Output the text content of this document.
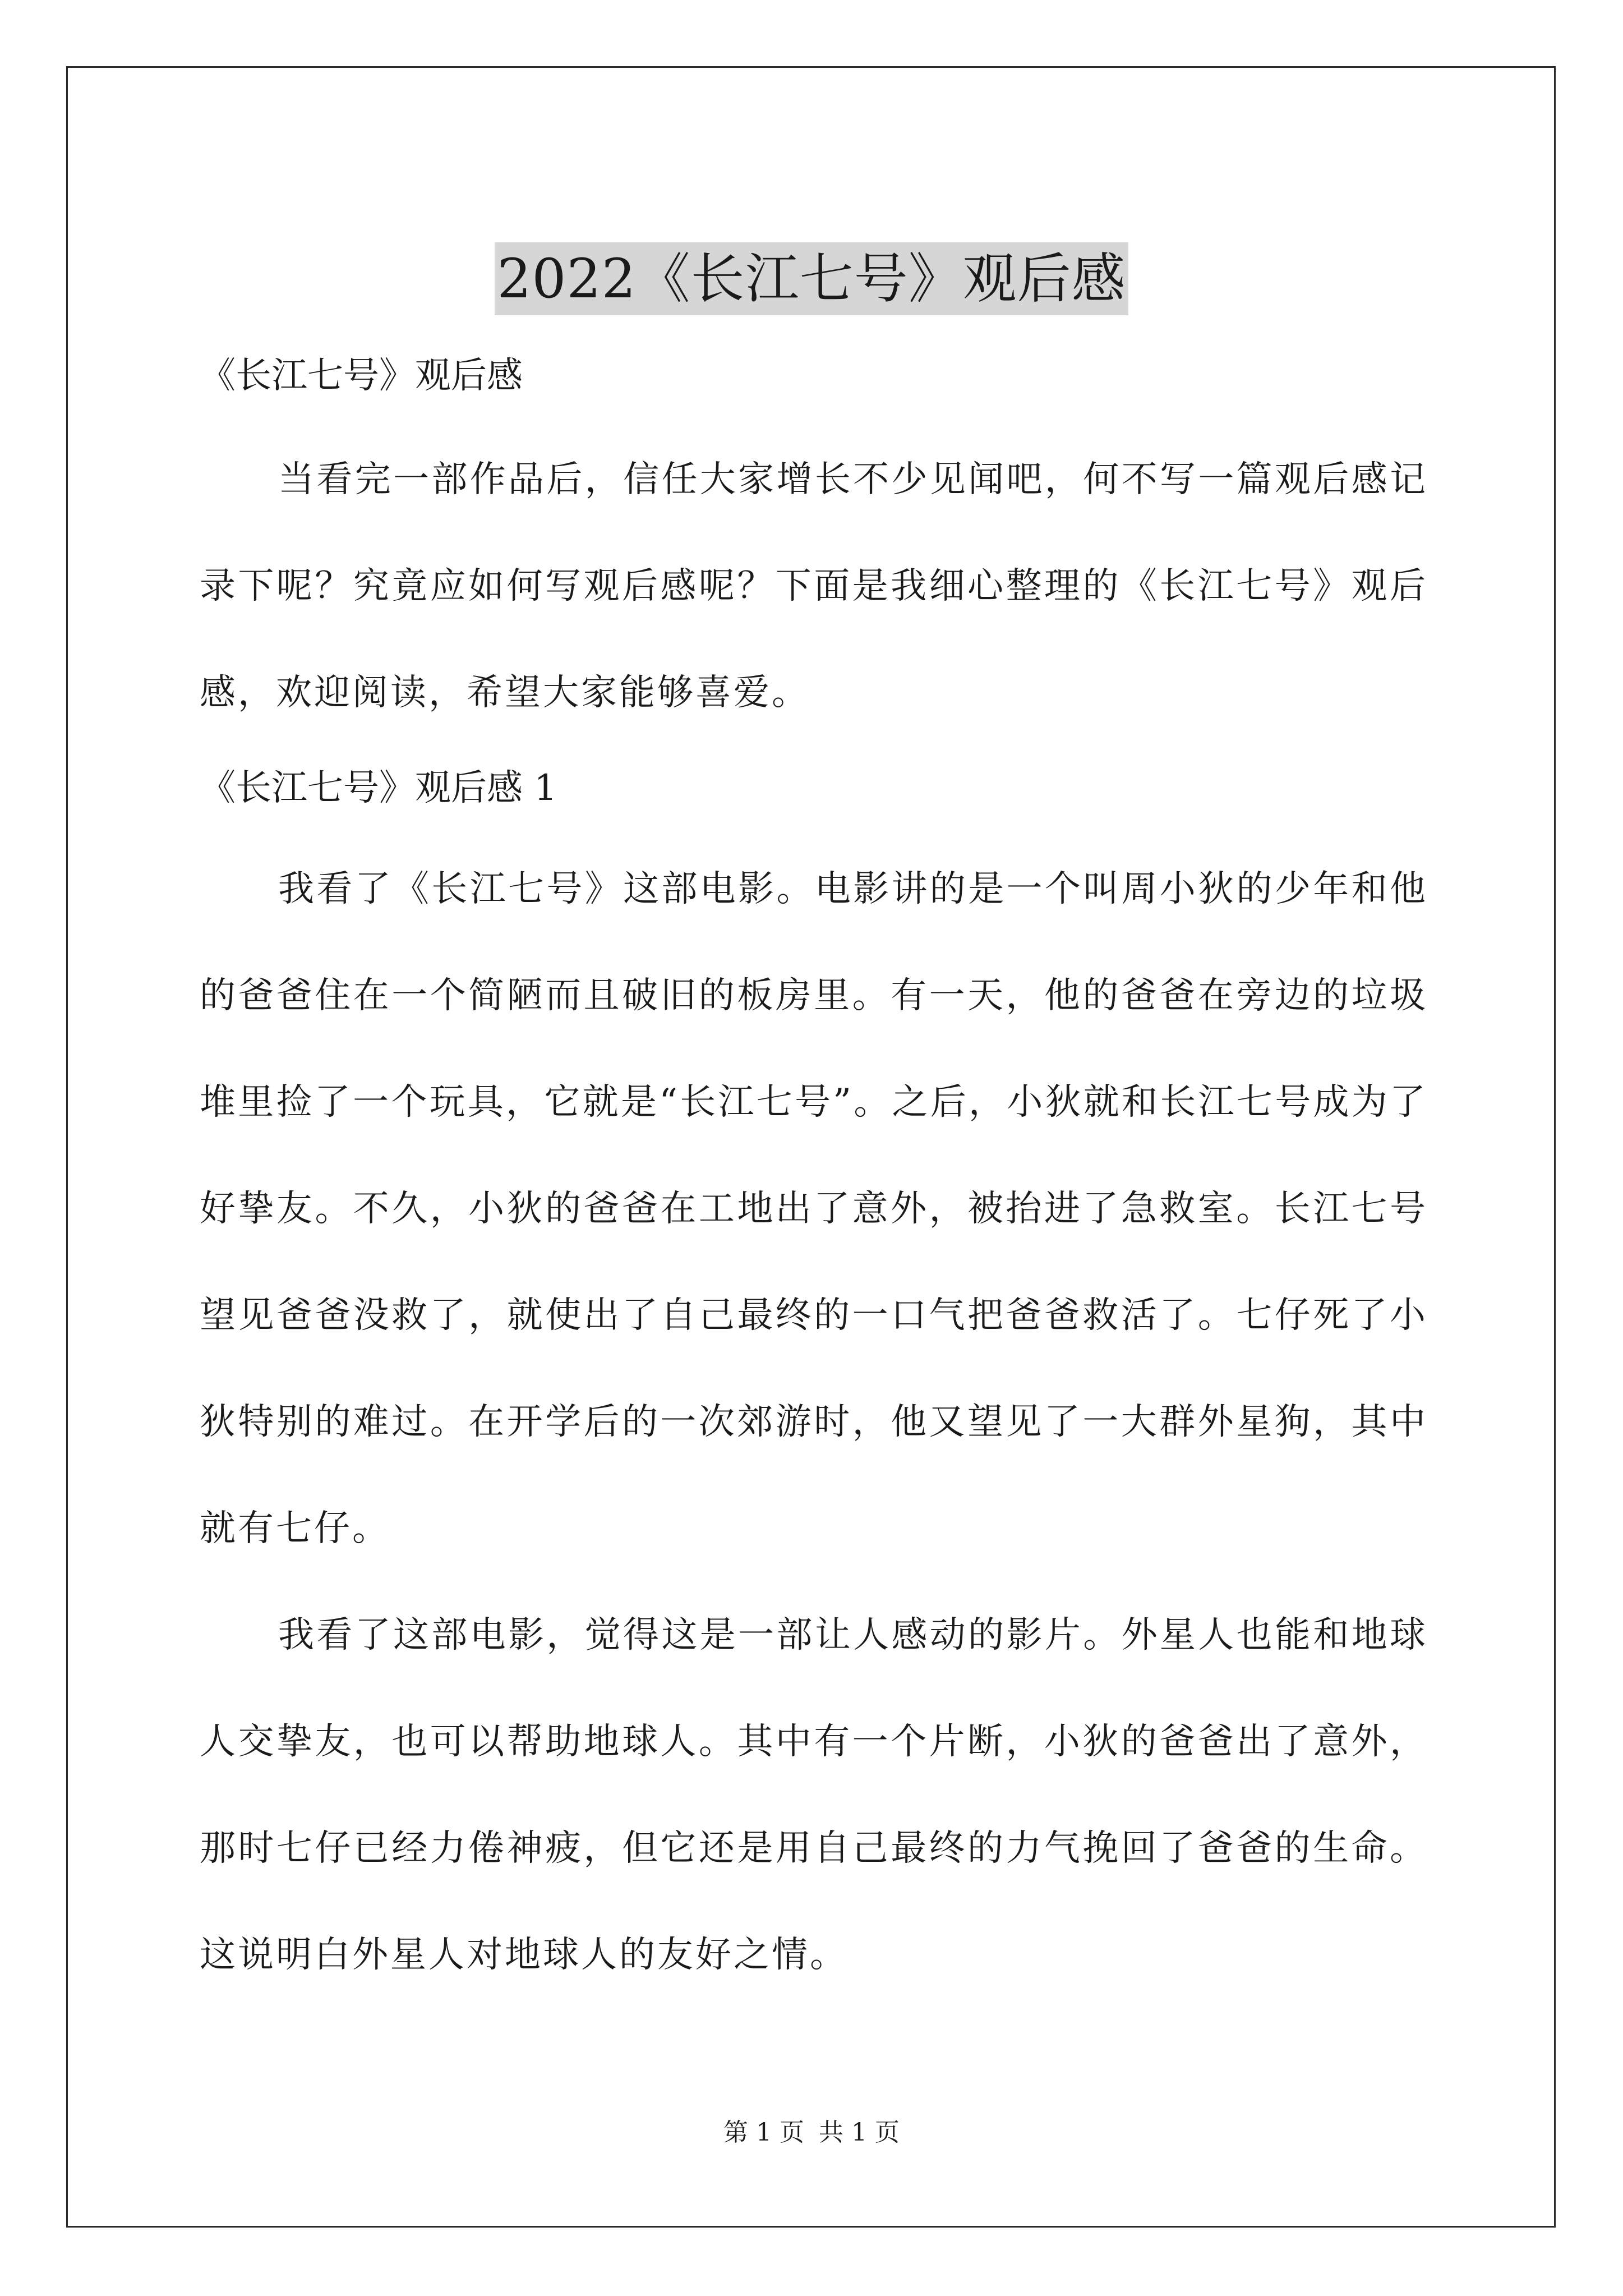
2022《长江七号》观后感

《长江七号》观后感

当看完一部作品后，信任大家增长不少见闻吧，何不写一篇观后感记录下呢？究竟应如何写观后感呢？下面是我细心整理的《长江七号》观后感，欢迎阅读，希望大家能够喜爱。

《长江七号》观后感 1

我看了《长江七号》这部电影。电影讲的是一个叫周小狄的少年和他的爸爸住在一个简陋而且破旧的板房里。有一天，他的爸爸在旁边的垃圾堆里捡了一个玩具，它就是“长江七号”。之后，小狄就和长江七号成为了好挚友。不久，小狄的爸爸在工地出了意外，被抬进了急救室。长江七号望见爸爸没救了，就使出了自己最终的一口气把爸爸救活了。七仔死了小狄特别的难过。在开学后的一次郊游时，他又望见了一大群外星狗，其中就有七仔。

我看了这部电影，觉得这是一部让人感动的影片。外星人也能和地球人交挚友，也可以帮助地球人。其中有一个片断，小狄的爸爸出了意外，那时七仔已经力倦神疲，但它还是用自己最终的力气挽回了爸爸的生命。这说明白外星人对地球人的友好之情。

第 1 页 共 1 页
